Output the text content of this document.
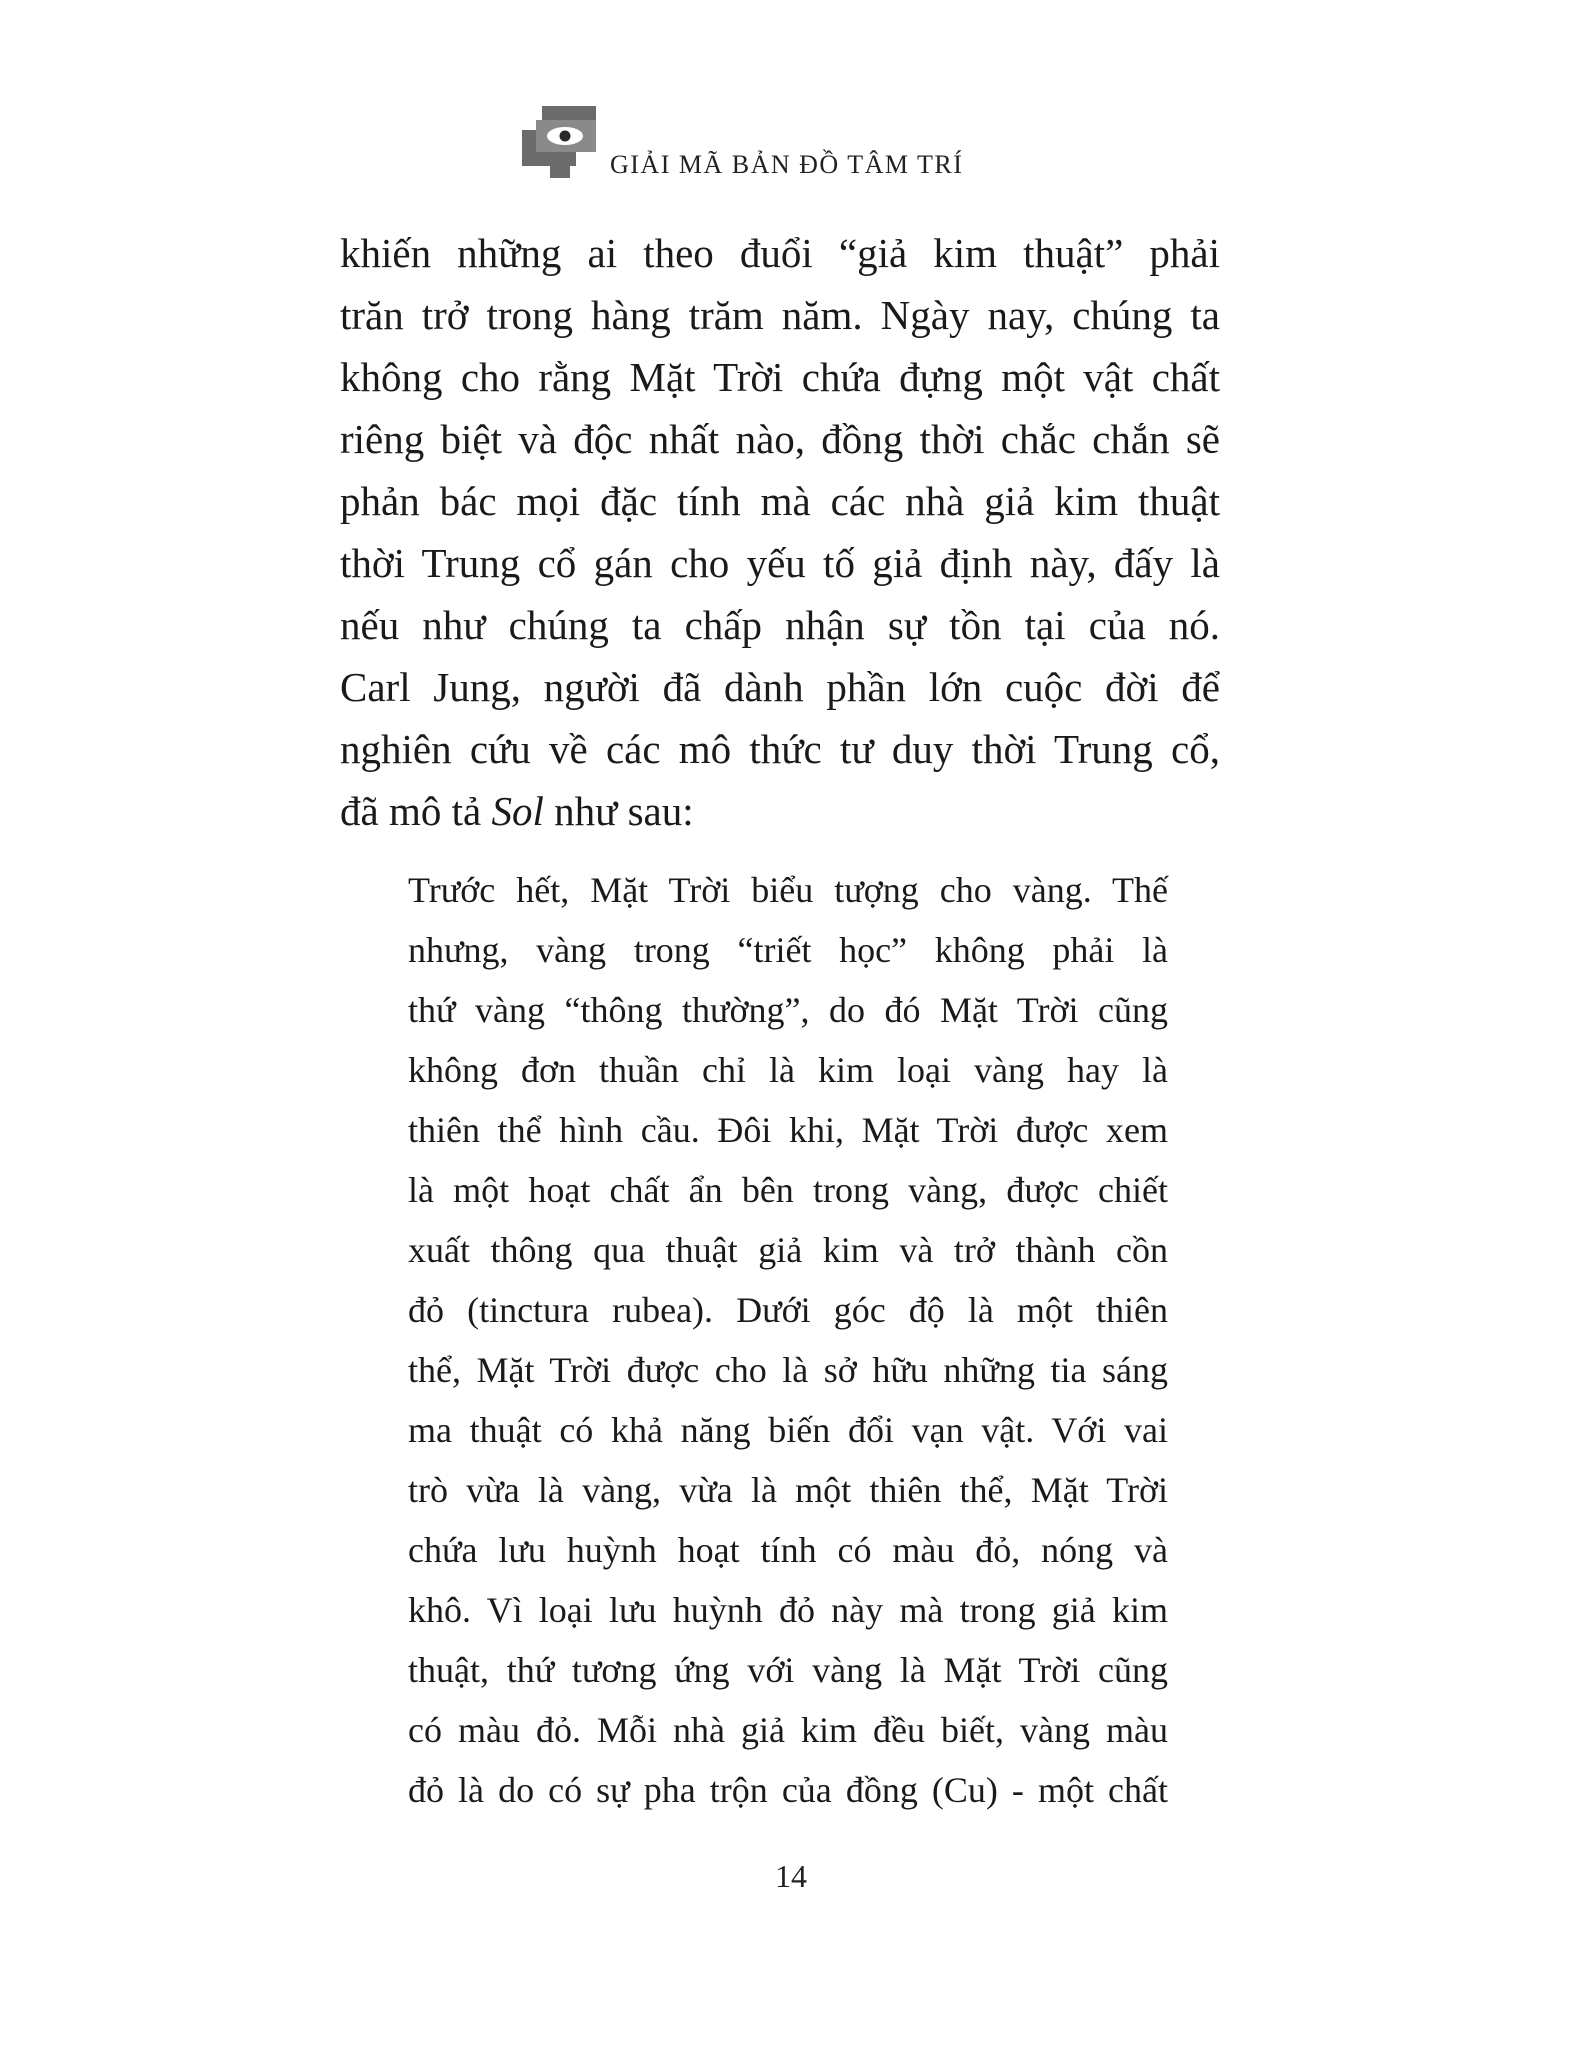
GIẢI MÃ BẢN ĐỒ TÂM TRÍ
khiến những ai theo đuổi “giả kim thuật” phải
trăn trở trong hàng trăm năm. Ngày nay, chúng ta
không cho rằng Mặt Trời chứa đựng một vật chất
riêng biệt và độc nhất nào, đồng thời chắc chắn sẽ
phản bác mọi đặc tính mà các nhà giả kim thuật
thời Trung cổ gán cho yếu tố giả định này, đấy là
nếu như chúng ta chấp nhận sự tồn tại của nó.
Carl Jung, người đã dành phần lớn cuộc đời để
nghiên cứu về các mô thức tư duy thời Trung cổ,
đã mô tả Sol như sau:
Trước hết, Mặt Trời biểu tượng cho vàng. Thế
nhưng, vàng trong “triết học” không phải là
thứ vàng “thông thường”, do đó Mặt Trời cũng
không đơn thuần chỉ là kim loại vàng hay là
thiên thể hình cầu. Đôi khi, Mặt Trời được xem
là một hoạt chất ẩn bên trong vàng, được chiết
xuất thông qua thuật giả kim và trở thành cồn
đỏ (tinctura rubea). Dưới góc độ là một thiên
thể, Mặt Trời được cho là sở hữu những tia sáng
ma thuật có khả năng biến đổi vạn vật. Với vai
trò vừa là vàng, vừa là một thiên thể, Mặt Trời
chứa lưu huỳnh hoạt tính có màu đỏ, nóng và
khô. Vì loại lưu huỳnh đỏ này mà trong giả kim
thuật, thứ tương ứng với vàng là Mặt Trời cũng
có màu đỏ. Mỗi nhà giả kim đều biết, vàng màu
đỏ là do có sự pha trộn của đồng (Cu) - một chất
14
